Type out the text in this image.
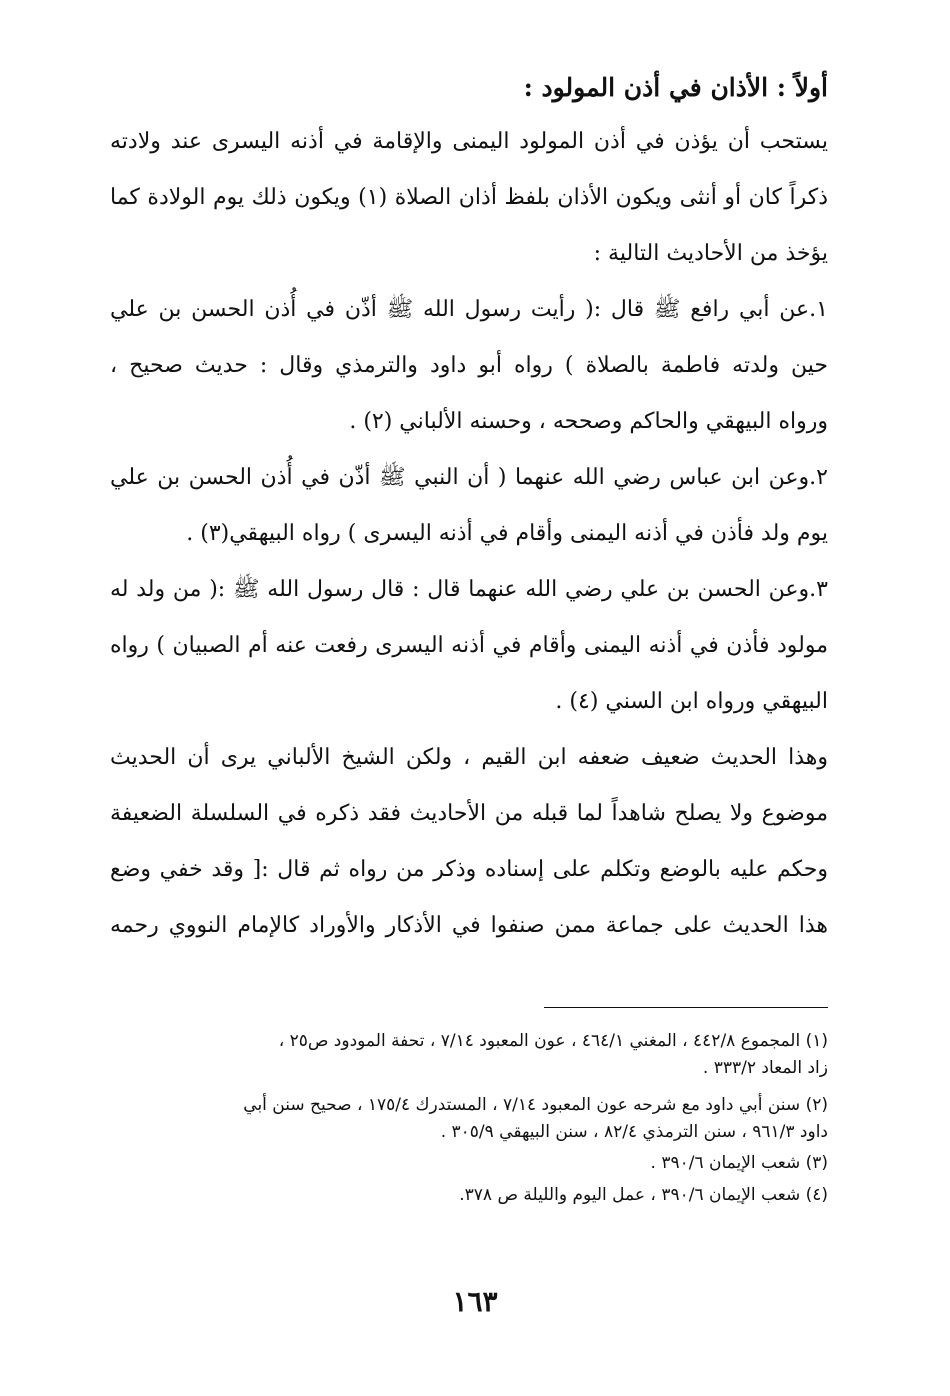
أولاً : الأذان في أذن المولود :
يستحب أن يؤذن في أذن المولود اليمنى والإقامة في أذنه اليسرى عند ولادته
ذكراً كان أو أنثى ويكون الأذان بلفظ أذان الصلاة (١) ويكون ذلك يوم الولادة كما
يؤخذ من الأحاديث التالية :
١.عن أبي رافع ﷺ قال :( رأيت رسول الله ﷺ أذّن في أُذن الحسن بن علي
حين ولدته فاطمة بالصلاة ) رواه أبو داود والترمذي وقال : حديث صحيح ،
ورواه البيهقي والحاكم وصححه ، وحسنه الألباني (٢) .
٢.وعن ابن عباس رضي الله عنهما ( أن النبي ﷺ أذّن في أُذن الحسن بن علي
يوم ولد فأذن في أذنه اليمنى وأقام في أذنه اليسرى ) رواه البيهقي(٣) .
٣.وعن الحسن بن علي رضي الله عنهما قال : قال رسول الله ﷺ :( من ولد له
مولود فأذن في أذنه اليمنى وأقام في أذنه اليسرى رفعت عنه أم الصبيان ) رواه
البيهقي ورواه ابن السني (٤) .
وهذا الحديث ضعيف ضعفه ابن القيم ، ولكن الشيخ الألباني يرى أن الحديث
موضوع ولا يصلح شاهداً لما قبله من الأحاديث فقد ذكره في السلسلة الضعيفة
وحكم عليه بالوضع وتكلم على إسناده وذكر من رواه ثم قال :[ وقد خفي وضع
هذا الحديث على جماعة ممن صنفوا في الأذكار والأوراد كالإمام النووي رحمه
(١) المجموع ٤٤٢/٨ ، المغني ٤٦٤/١ ، عون المعبود ٧/١٤ ، تحفة المودود ص٢٥ ،
زاد المعاد ٣٣٣/٢ .
(٢) سنن أبي داود مع شرحه عون المعبود ٧/١٤ ، المستدرك ١٧٥/٤ ، صحيح سنن أبي
داود ٩٦١/٣ ، سنن الترمذي ٨٢/٤ ، سنن البيهقي ٣٠٥/٩ .
(٣) شعب الإيمان ٣٩٠/٦ .
(٤) شعب الإيمان ٣٩٠/٦ ، عمل اليوم والليلة ص ٣٧٨.
١٦٣
